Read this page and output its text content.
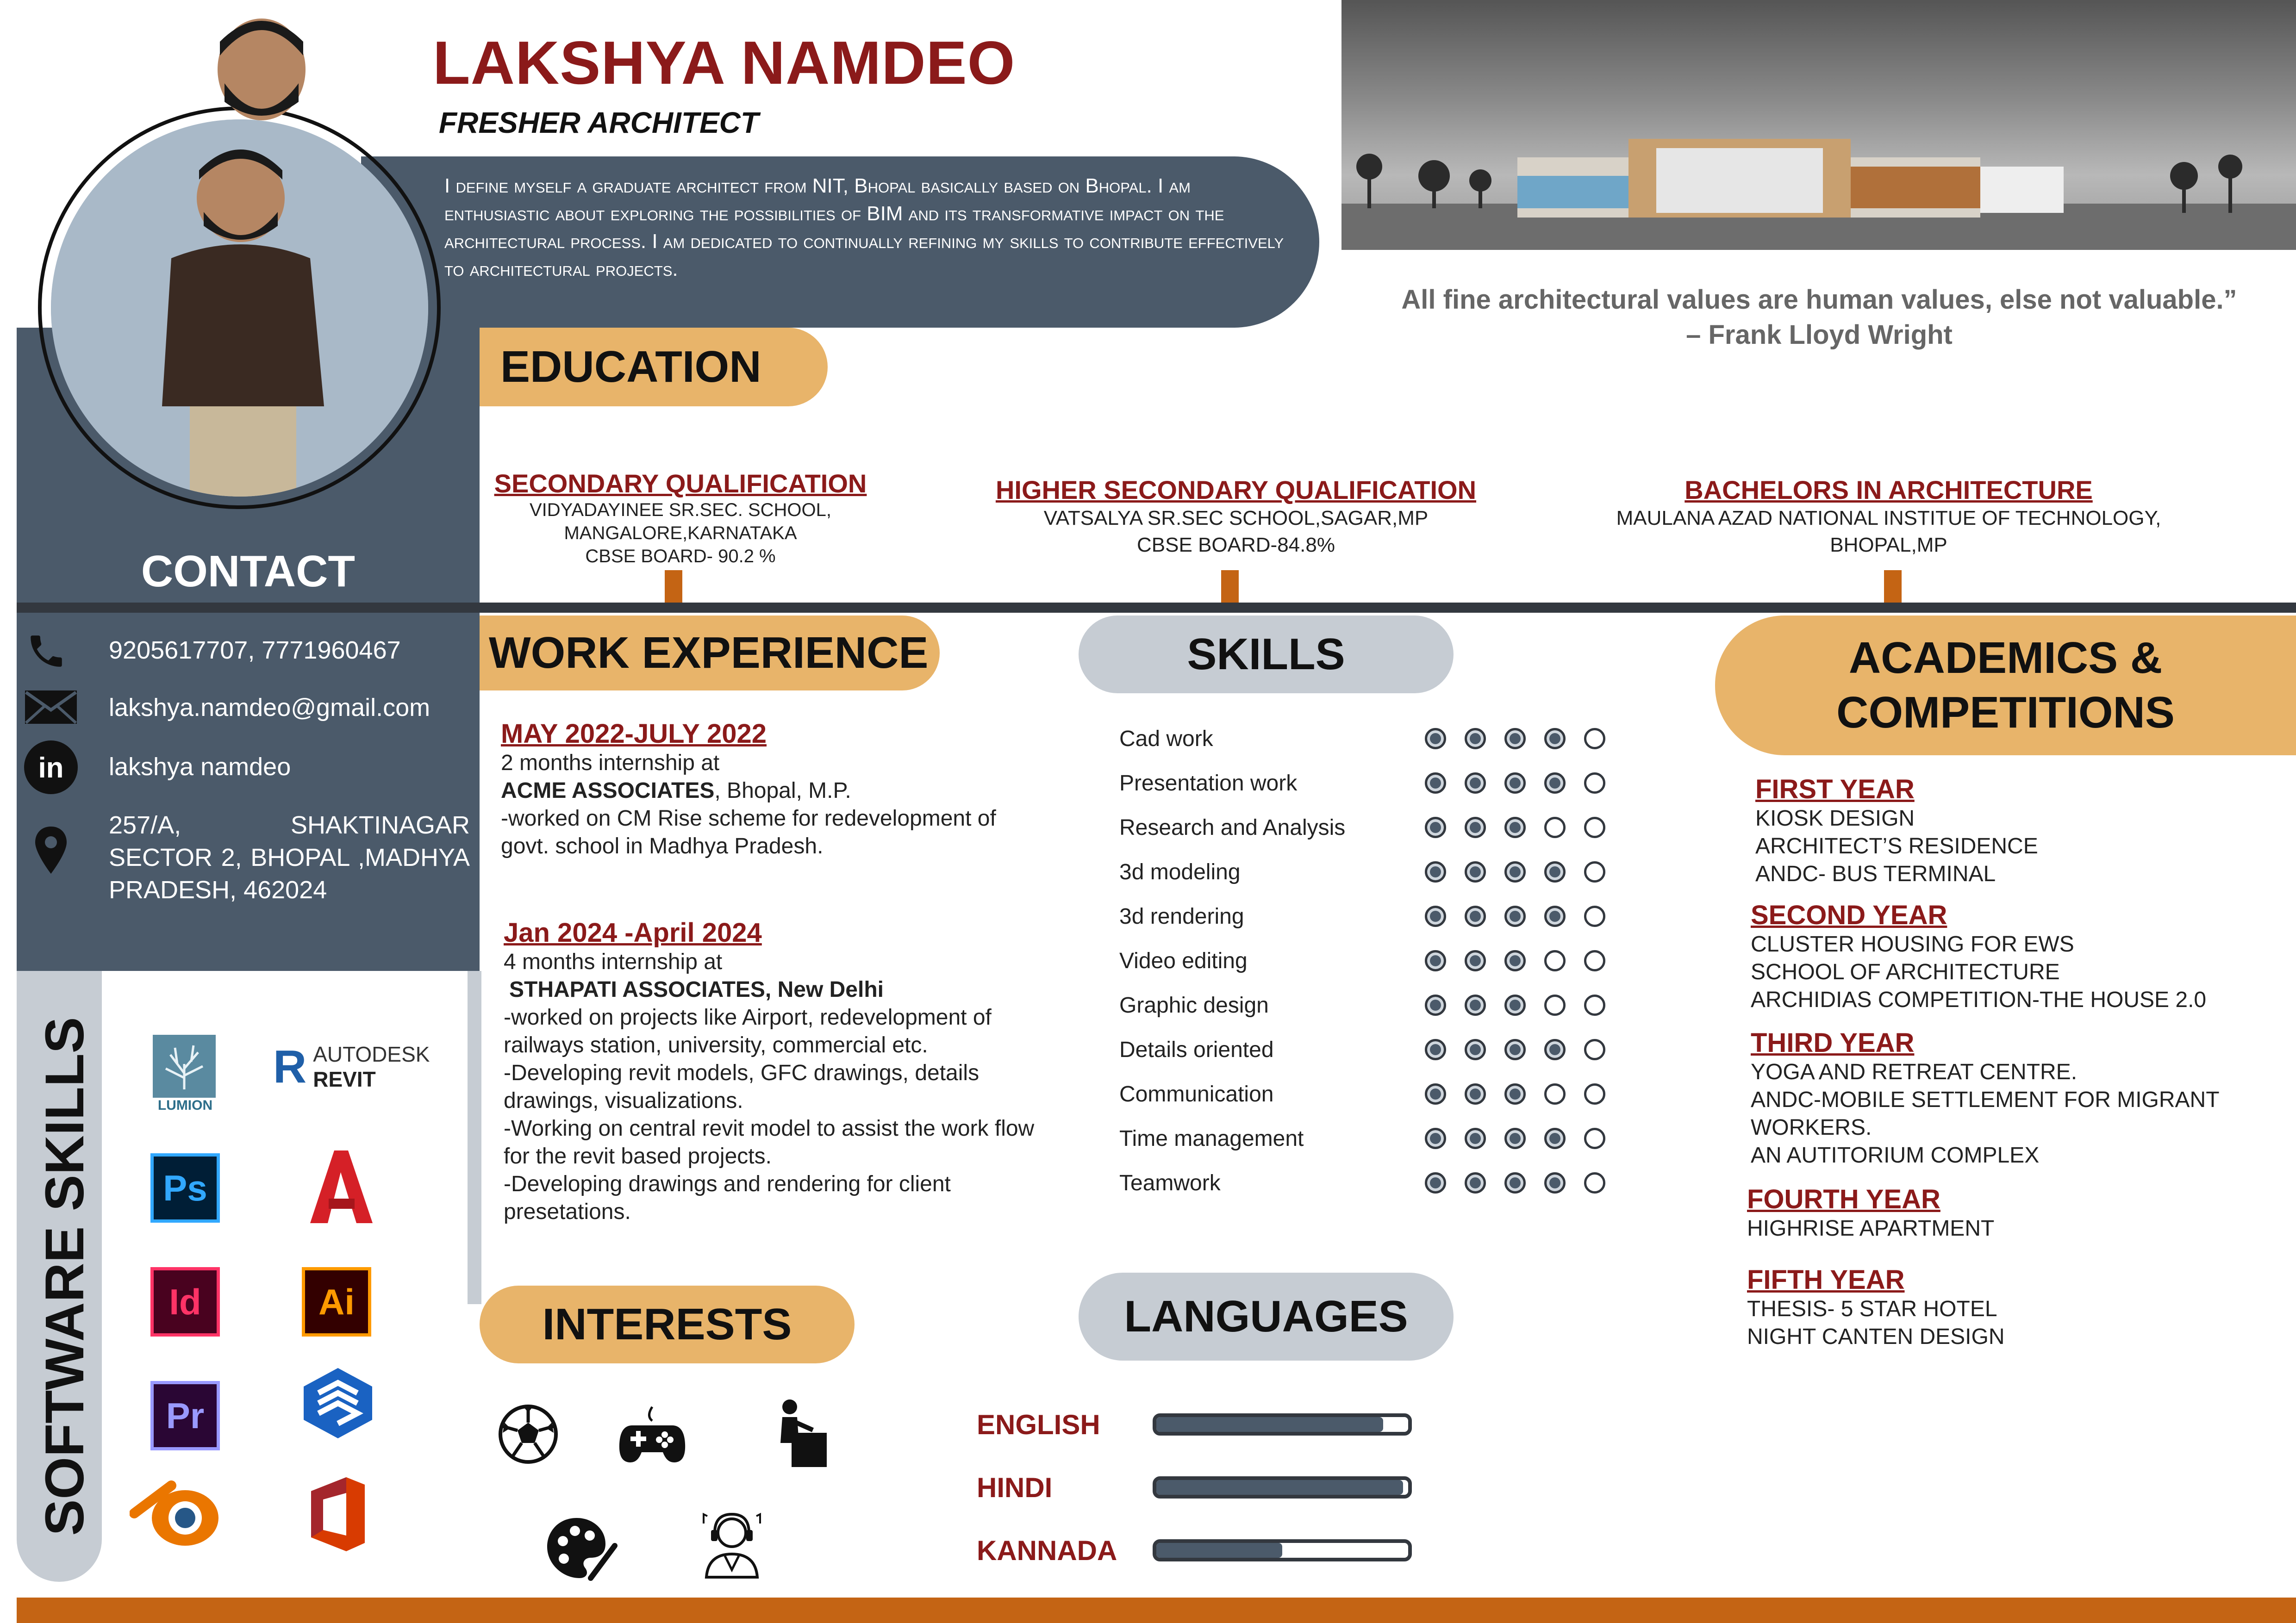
I define myself a graduate architect from NIT, Bhopal basically based on Bhopal. I am enthusiastic about exploring the possibilities of BIM and its transformative impact on the architectural process. I am dedicated to continually refining my skills to contribute effectively to architectural projects.
LAKSHYA NAMDEO
FRESHER ARCHITECT
All fine architectural values are human values, else not valuable.”
– Frank Lloyd Wright
EDUCATION
SECONDARY QUALIFICATION
VIDYADAYINEE SR.SEC. SCHOOL,
MANGALORE,KARNATAKA
CBSE BOARD- 90.2 %
HIGHER SECONDARY QUALIFICATION
VATSALYA SR.SEC SCHOOL,SAGAR,MP
CBSE BOARD-84.8%
BACHELORS IN ARCHITECTURE
MAULANA AZAD NATIONAL INSTITUE OF TECHNOLOGY,
BHOPAL,MP
CONTACT
9205617707, 7771960467
lakshya.namdeo@gmail.com
in lakshya namdeo
257/A, SHAKTINAGAR SECTOR 2, BHOPAL ,MADHYA PRADESH, 462024
SOFTWARE SKILLS	LUMION
R AUTODESK
REVIT
Ps
Id	Ai
Pr
WORK EXPERIENCE
MAY 2022-JULY 2022
2 months internship at
ACME ASSOCIATES, Bhopal, M.P.
-worked on CM Rise scheme for redevelopment of govt. school in Madhya Pradesh.
Jan 2024 -April 2024
4 months internship at
STHAPATI ASSOCIATES, New Delhi
-worked on projects like Airport, redevelopment of railways station, university, commercial etc.
-Developing revit models, GFC drawings, details drawings, visualizations.
-Working on central revit model to assist the work flow for the revit based projects.
-Developing drawings and rendering for client presetations.
SKILLS
Cad work
Presentation work
Research and Analysis
3d modeling
3d rendering
Video editing
Graphic design
Details oriented
Communication
Time management
Teamwork
LANGUAGES
ENGLISH
HINDI
KANNADA
INTERESTS
ACADEMICS &
COMPETITIONS
FIRST YEAR
KIOSK DESIGN
ARCHITECT’S RESIDENCE
ANDC- BUS TERMINAL
SECOND YEAR
CLUSTER HOUSING FOR EWS
SCHOOL OF ARCHITECTURE
ARCHIDIAS COMPETITION-THE HOUSE 2.0
THIRD YEAR
YOGA AND RETREAT CENTRE.
ANDC-MOBILE SETTLEMENT FOR MIGRANT WORKERS.
AN AUTITORIUM COMPLEX
FOURTH YEAR
HIGHRISE APARTMENT
FIFTH YEAR
THESIS- 5 STAR HOTEL
NIGHT CANTEN DESIGN
